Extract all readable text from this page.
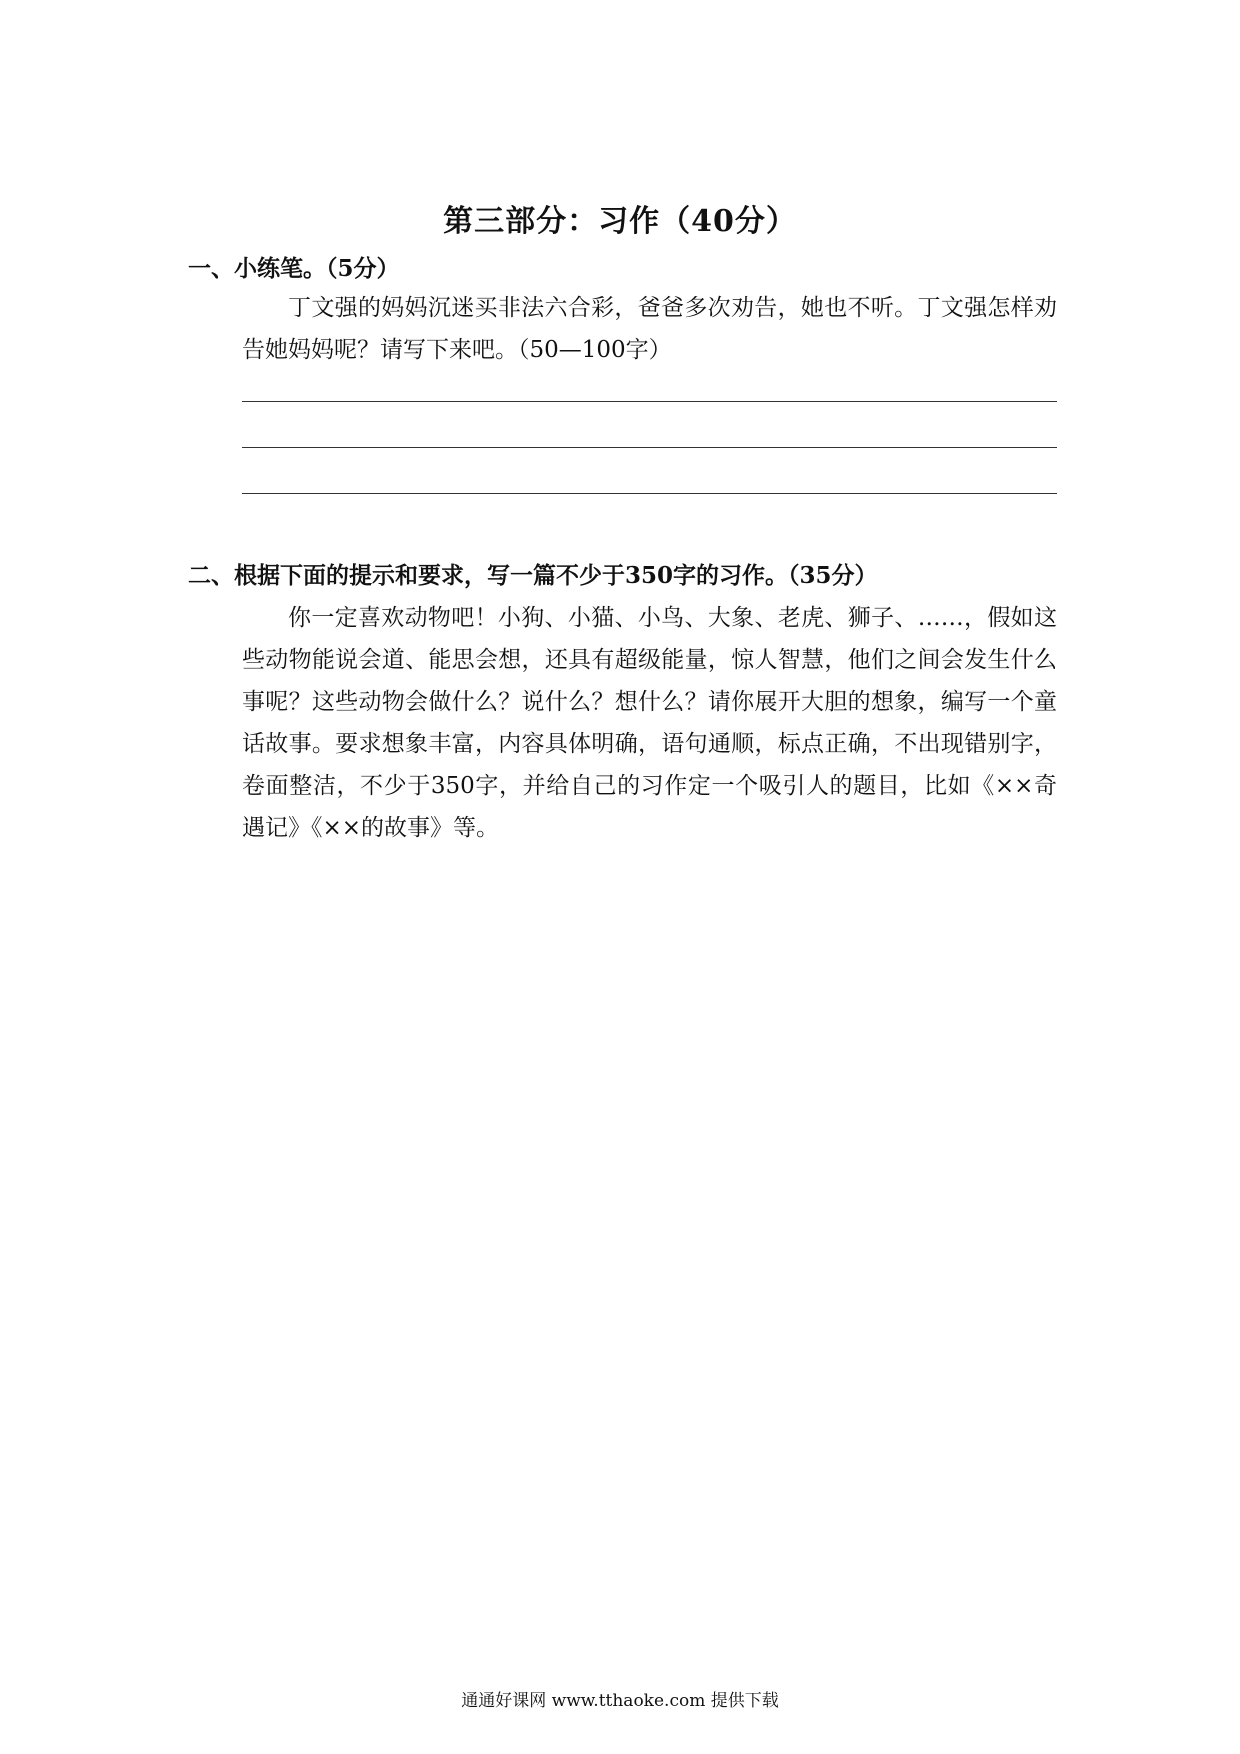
第三部分：习作（40分）
一、小练笔。（5分）

丁文强的妈妈沉迷买非法六合彩，爸爸多次劝告，她也不听。丁文强怎样劝告她妈妈呢？请写下来吧。（50—100字）

二、根据下面的提示和要求，写一篇不少于350字的习作。（35分）

你一定喜欢动物吧！小狗、小猫、小鸟、大象、老虎、狮子、……，假如这些动物能说会道、能思会想，还具有超级能量，惊人智慧，他们之间会发生什么事呢？这些动物会做什么？说什么？想什么？请你展开大胆的想象，编写一个童话故事。要求想象丰富，内容具体明确，语句通顺，标点正确，不出现错别字，卷面整洁，不少于350字，并给自己的习作定一个吸引人的题目，比如《××奇遇记》《××的故事》等。

通通好课网 www.tthaoke.com 提供下载
